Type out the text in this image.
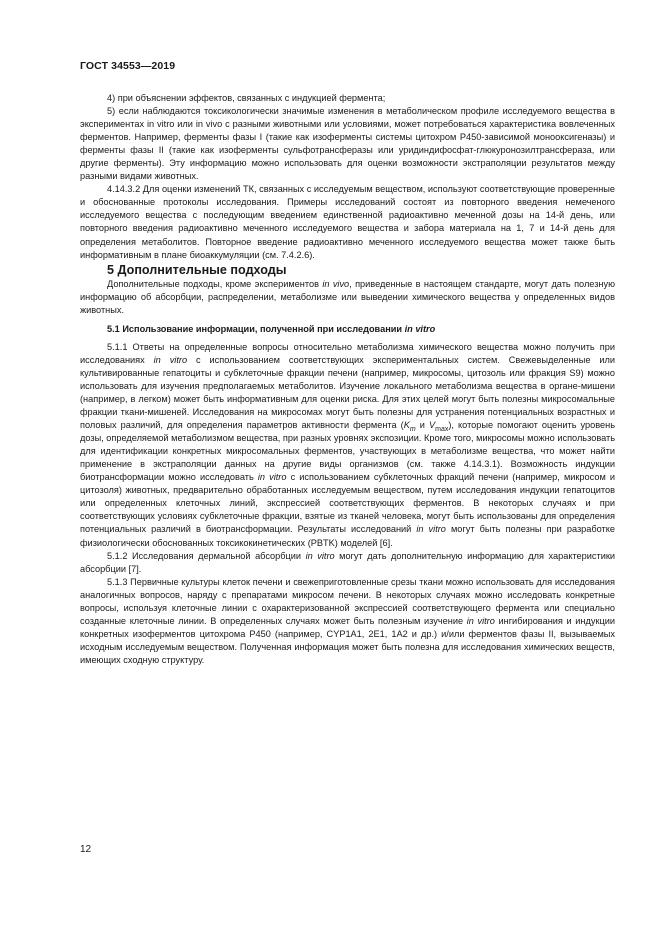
ГОСТ 34553—2019

4) при объяснении эффектов, связанных с индукцией фермента;

5) если наблюдаются токсикологически значимые изменения в метаболическом профиле исследуемого вещества в экспериментах in vitro или in vivo с разными животными или условиями, может потребоваться характеристика вовлеченных ферментов. Например, ферменты фазы I (такие как изоферменты системы цитохром P450-зависимой монооксигеназы) и ферменты фазы II (такие как изоферменты сульфотрансферазы или уридиндифосфат-глюкуронозилтрансфераза, или другие ферменты). Эту информацию можно использовать для оценки возможности экстраполяции результатов между разными видами животных.

4.14.3.2 Для оценки изменений ТК, связанных с исследуемым веществом, используют соответствующие проверенные и обоснованные протоколы исследования. Примеры исследований состоят из повторного введения немеченого исследуемого вещества с последующим введением единственной радиоактивно меченной дозы на 14-й день, или повторного введения радиоактивно меченного исследуемого вещества и забора материала на 1, 7 и 14-й день для определения метаболитов. Повторное введение радиоактивно меченного исследуемого вещества может также быть информативным в плане биоаккумуляции (см. 7.4.2.6).

5 Дополнительные подходы

Дополнительные подходы, кроме экспериментов in vivo, приведенные в настоящем стандарте, могут дать полезную информацию об абсорбции, распределении, метаболизме или выведении химического вещества у определенных видов животных.

5.1 Использование информации, полученной при исследовании in vitro

5.1.1 Ответы на определенные вопросы относительно метаболизма химического вещества можно получить при исследованиях in vitro с использованием соответствующих экспериментальных систем. Свежевыделенные или культивированные гепатоциты и субклеточные фракции печени (например, микросомы, цитозоль или фракция S9) можно использовать для изучения предполагаемых метаболитов. Изучение локального метаболизма вещества в органе-мишени (например, в легком) может быть информативным для оценки риска. Для этих целей могут быть полезны микросомальные фракции ткани-мишеней. Исследования на микросомах могут быть полезны для устранения потенциальных возрастных и половых различий, для определения параметров активности фермента ($K_m$ и $V_{max}$), которые помогают оценить уровень дозы, определяемой метаболизмом вещества, при разных уровнях экспозиции. Кроме того, микросомы можно использовать для идентификации конкретных микросомальных ферментов, участвующих в метаболизме вещества, что может найти применение в экстраполяции данных на другие виды организмов (см. также 4.14.3.1). Возможность индукции биотрансформации можно исследовать in vitro с использованием субклеточных фракций печени (например, микросом и цитозоля) животных, предварительно обработанных исследуемым веществом, путем исследования индукции гепатоцитов или определенных клеточных линий, экспрессией соответствующих ферментов. В некоторых случаях и при соответствующих условиях субклеточные фракции, взятые из тканей человека, могут быть использованы для определения потенциальных различий в биотрансформации. Результаты исследований in vitro могут быть полезны при разработке физиологически обоснованных токсикокинетических (PBTK) моделей [6].

5.1.2 Исследования дермальной абсорбции in vitro могут дать дополнительную информацию для характеристики абсорбции [7].

5.1.3 Первичные культуры клеток печени и свежеприготовленные срезы ткани можно использовать для исследования аналогичных вопросов, наряду с препаратами микросом печени. В некоторых случаях можно исследовать конкретные вопросы, используя клеточные линии с охарактеризованной экспрессией соответствующего фермента или специально созданные клеточные линии. В определенных случаях может быть полезным изучение in vitro ингибирования и индукции конкретных изоферментов цитохрома P450 (например, CYP1A1, 2E1, 1A2 и др.) и/или ферментов фазы II, вызываемых исходным исследуемым веществом. Полученная информация может быть полезна для исследования химических веществ, имеющих сходную структуру.

12
